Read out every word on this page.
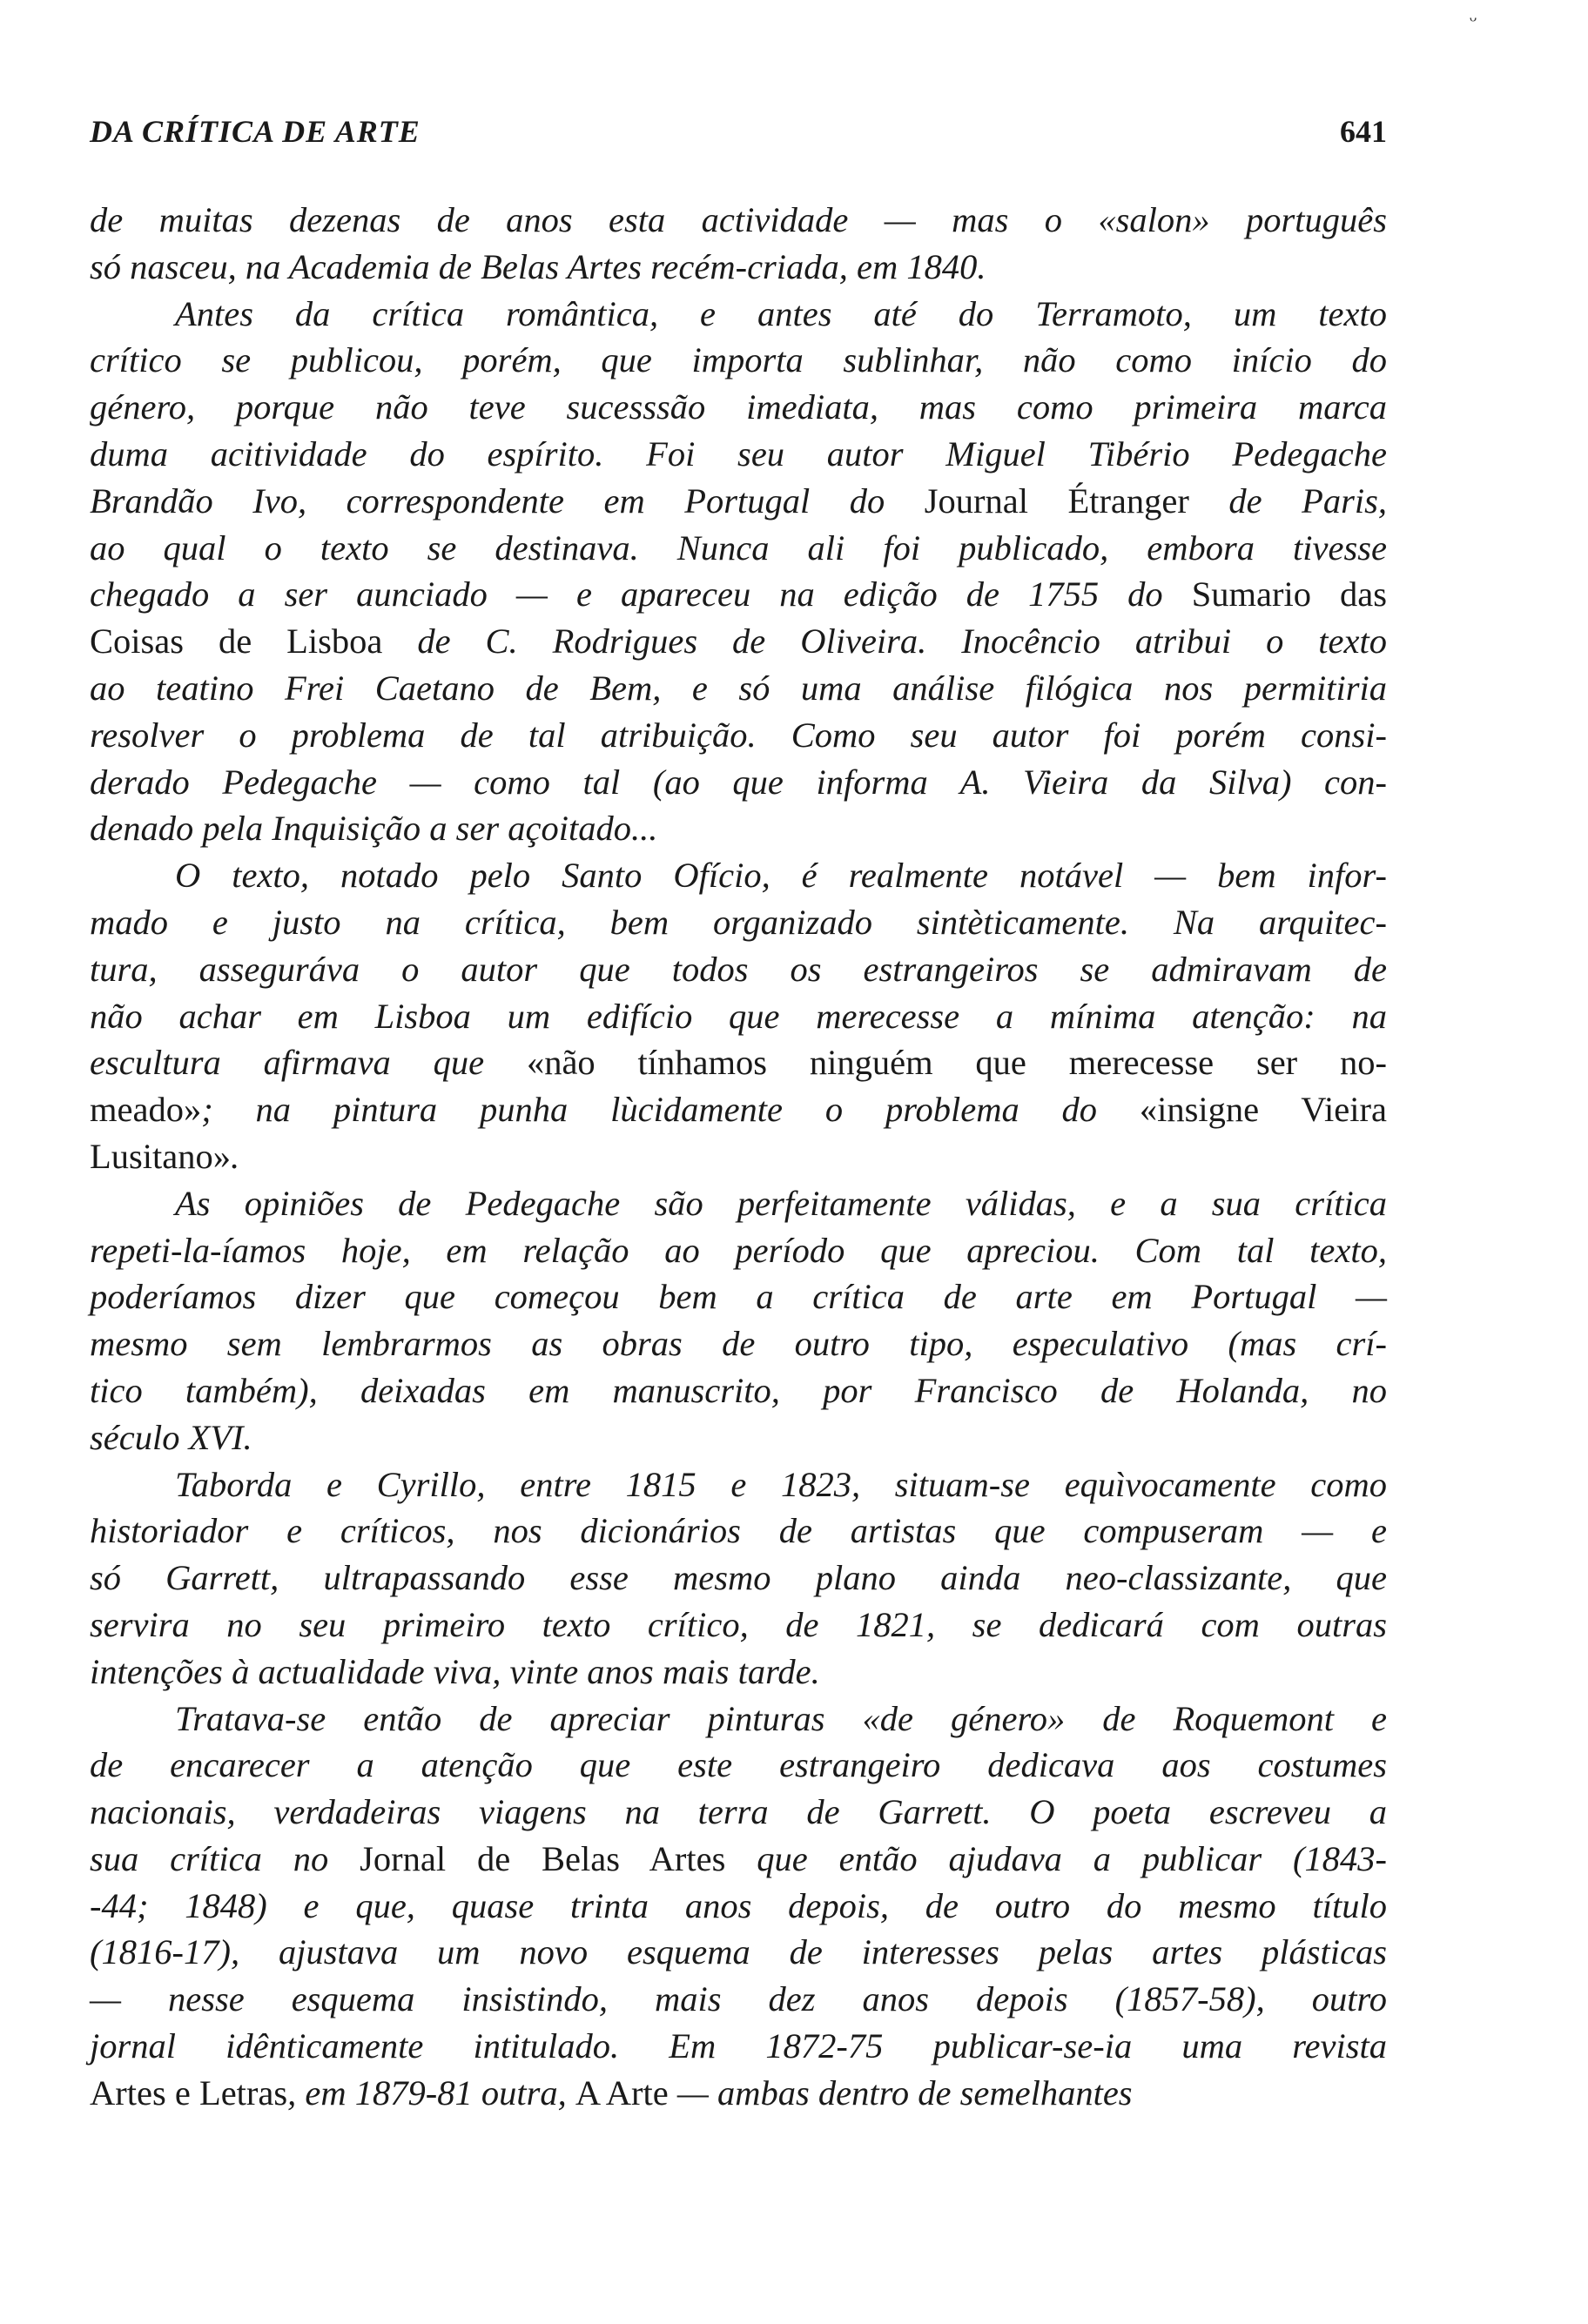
ᵕ
DA CRÍTICA DE ARTE	641
de muitas dezenas de anos esta actividade — mas o «salon» português
só nasceu, na Academia de Belas Artes recém-criada, em 1840.
Antes da crítica romântica, e antes até do Terramoto, um texto
crítico se publicou, porém, que importa sublinhar, não como início do
género, porque não teve sucesssão imediata, mas como primeira marca
duma acitividade do espírito. Foi seu autor Miguel Tibério Pedegache
Brandão Ivo, correspondente em Portugal do Journal Étranger de Paris,
ao qual o texto se destinava. Nunca ali foi publicado, embora tivesse
chegado a ser aunciado — e apareceu na edição de 1755 do Sumario das
Coisas de Lisboa de C. Rodrigues de Oliveira. Inocêncio atribui o texto
ao teatino Frei Caetano de Bem, e só uma análise filógica nos permitiria
resolver o problema de tal atribuição. Como seu autor foi porém consi-
derado Pedegache — como tal (ao que informa A. Vieira da Silva) con-
denado pela Inquisição a ser açoitado...
O texto, notado pelo Santo Ofício, é realmente notável — bem infor-
mado e justo na crítica, bem organizado sintèticamente. Na arquitec-
tura, asseguráva o autor que todos os estrangeiros se admiravam de
não achar em Lisboa um edifício que merecesse a mínima atenção: na
escultura afirmava que «não tínhamos ninguém que merecesse ser no-
meado»; na pintura punha lùcidamente o problema do «insigne Vieira
Lusitano».
As opiniões de Pedegache são perfeitamente válidas, e a sua crítica
repeti-la-íamos hoje, em relação ao período que apreciou. Com tal texto,
poderíamos dizer que começou bem a crítica de arte em Portugal —
mesmo sem lembrarmos as obras de outro tipo, especulativo (mas crí-
tico também), deixadas em manuscrito, por Francisco de Holanda, no
século XVI.
Taborda e Cyrillo, entre 1815 e 1823, situam-se equìvocamente como
historiador e críticos, nos dicionários de artistas que compuseram — e
só Garrett, ultrapassando esse mesmo plano ainda neo-classizante, que
servira no seu primeiro texto crítico, de 1821, se dedicará com outras
intenções à actualidade viva, vinte anos mais tarde.
Tratava-se então de apreciar pinturas «de género» de Roquemont e
de encarecer a atenção que este estrangeiro dedicava aos costumes
nacionais, verdadeiras viagens na terra de Garrett. O poeta escreveu a
sua crítica no Jornal de Belas Artes que então ajudava a publicar (1843-
-44; 1848) e que, quase trinta anos depois, de outro do mesmo título
(1816-17), ajustava um novo esquema de interesses pelas artes plásticas
— nesse esquema insistindo, mais dez anos depois (1857-58), outro
jornal idênticamente intitulado. Em 1872-75 publicar-se-ia uma revista
Artes e Letras, em 1879-81 outra, A Arte — ambas dentro de semelhantes
